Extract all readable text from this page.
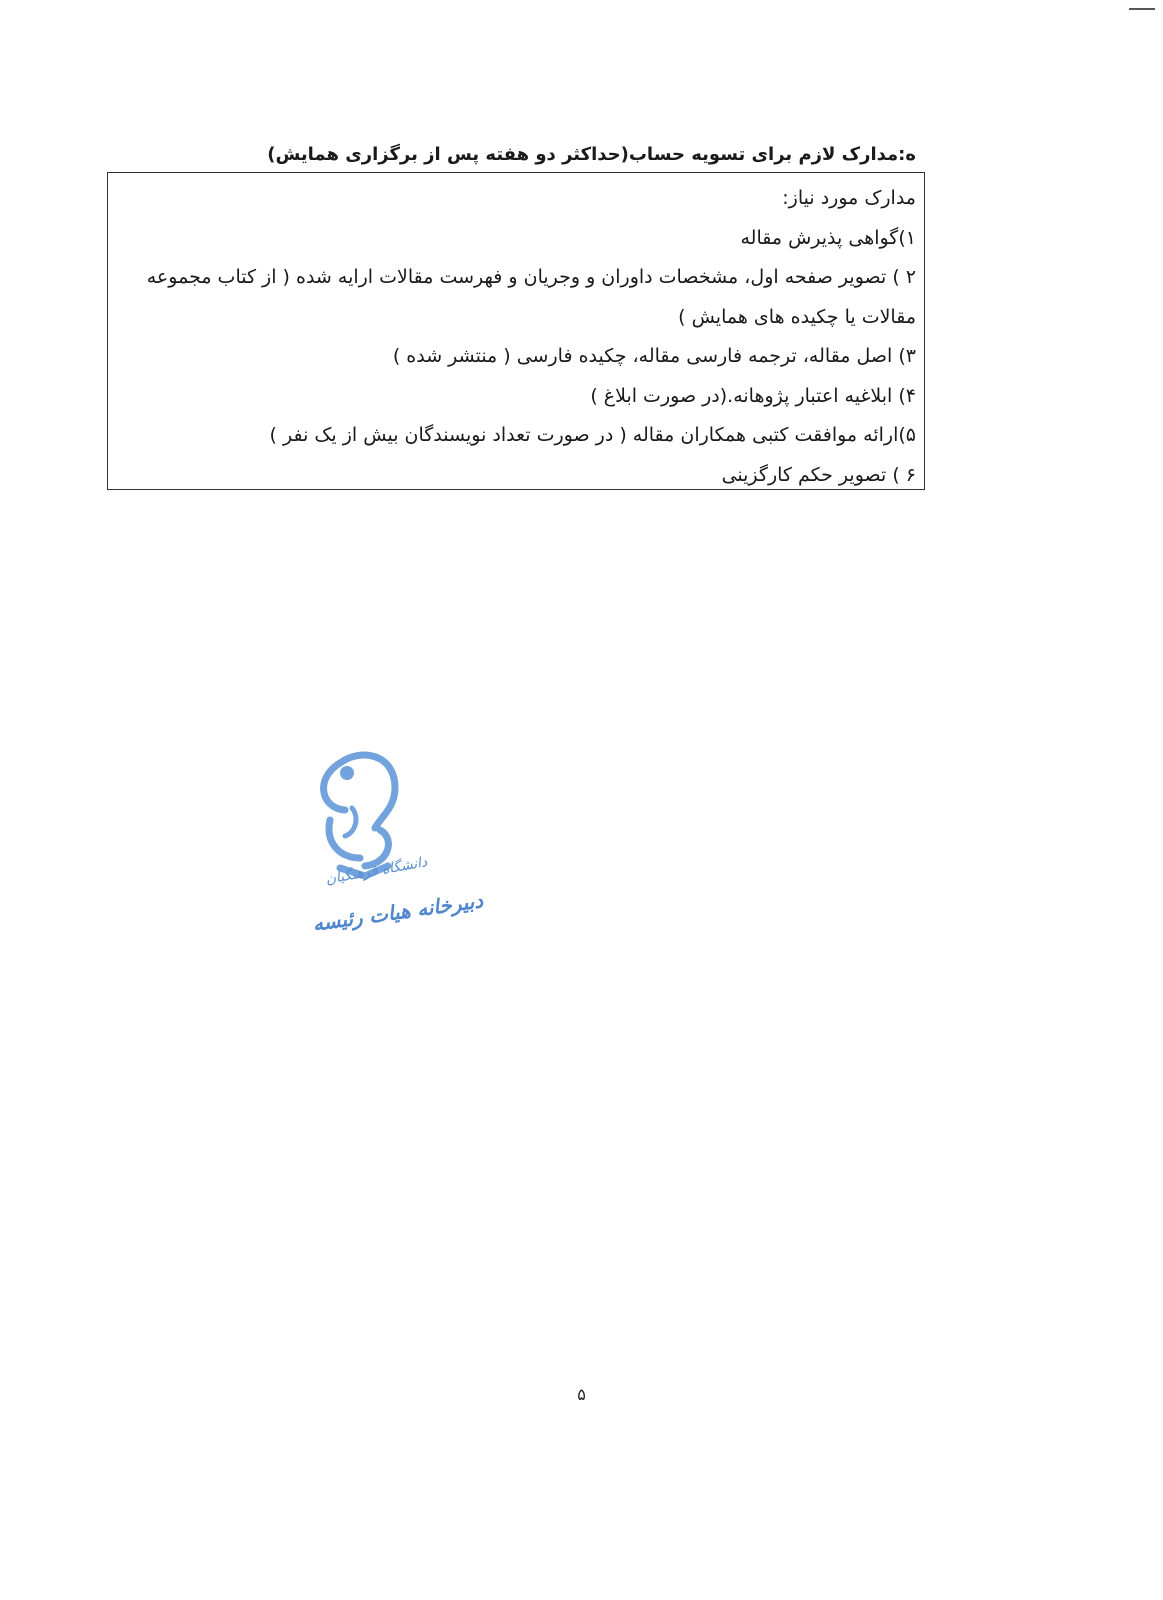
ه:مدارک لازم برای تسویه حساب(حداکثر دو هفته پس از برگزاری همایش)

مدارک مورد نیاز:

۱)گواهی پذیرش مقاله

۲ ) تصویر صفحه اول، مشخصات داوران و وجریان و فهرست مقالات ارایه شده ( از کتاب مجموعه مقالات یا چکیده های همایش )

۳) اصل مقاله، ترجمه فارسی مقاله، چکیده فارسی ( منتشر شده )

۴) ابلاغیه اعتبار پژوهانه.(در صورت ابلاغ )

۵)ارائه موافقت کتبی همکاران مقاله ( در صورت تعداد نویسندگان بیش از یک نفر )

۶ ) تصویر حکم کارگزینی

دانشگاه فرهنگیان
دبیرخانه هیات رئیسه
۵
